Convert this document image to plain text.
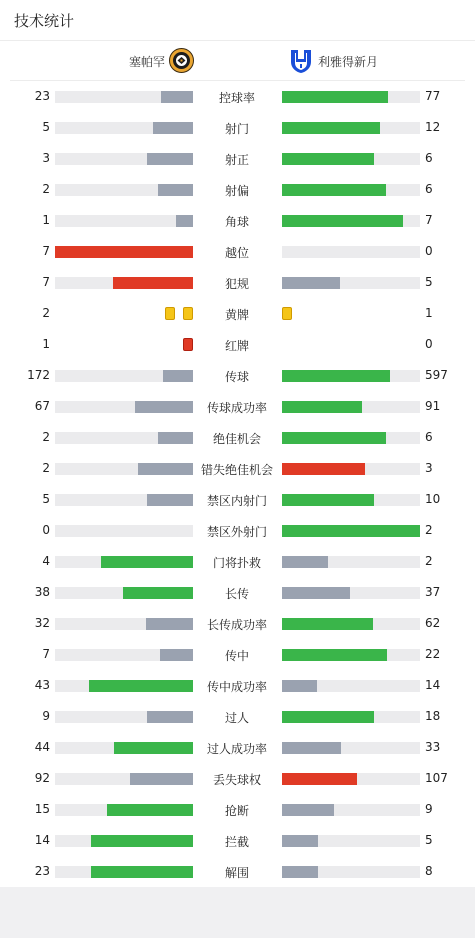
技术统计
塞帕罕	利雅得新月
23	控球率	77
5	射门	12
3	射正	6
2	射偏	6
1	角球	7
7	越位	0
7	犯规	5
2	黄牌	1
1	红牌	0
172	传球	597
67	传球成功率	91
2	绝佳机会	6
2	错失绝佳机会	3
5	禁区内射门	10
0	禁区外射门	2
4	门将扑救	2
38	长传	37
32	长传成功率	62
7	传中	22
43	传中成功率	14
9	过人	18
44	过人成功率	33
92	丢失球权	107
15	抢断	9
14	拦截	5
23	解围	8
